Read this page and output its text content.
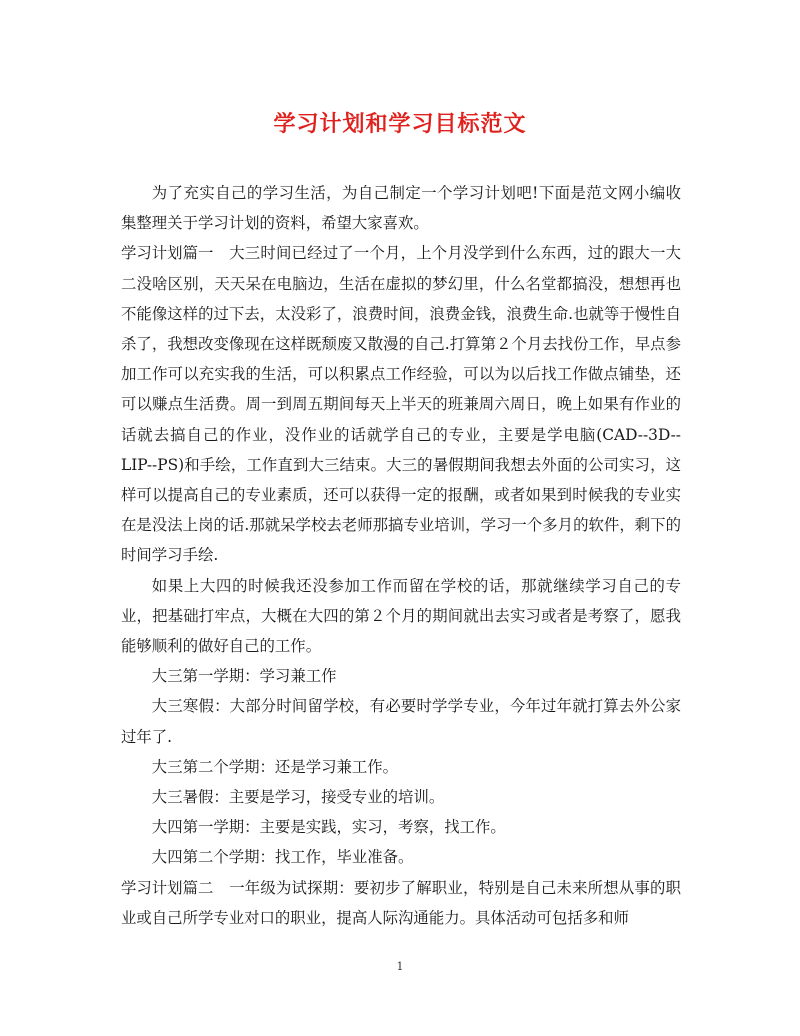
学习计划和学习目标范文

为了充实自己的学习生活，为自己制定一个学习计划吧!下面是范文网小编收集整理关于学习计划的资料，希望大家喜欢。

学习计划篇一 大三时间已经过了一个月，上个月没学到什么东西，过的跟大一大二没啥区别，天天呆在电脑边，生活在虚拟的梦幻里，什么名堂都搞没，想想再也不能像这样的过下去，太没彩了，浪费时间，浪费金钱，浪费生命.也就等于慢性自杀了，我想改变像现在这样既颓废又散漫的自己.打算第２个月去找份工作，早点参加工作可以充实我的生活，可以积累点工作经验，可以为以后找工作做点铺垫，还可以赚点生活费。周一到周五期间每天上半天的班兼周六周日，晚上如果有作业的话就去搞自己的作业，没作业的话就学自己的专业，主要是学电脑(CAD--3D--LIP--PS)和手绘，工作直到大三结束。大三的暑假期间我想去外面的公司实习，这样可以提高自己的专业素质，还可以获得一定的报酬，或者如果到时候我的专业实在是没法上岗的话.那就呆学校去老师那搞专业培训，学习一个多月的软件，剩下的时间学习手绘.

如果上大四的时候我还没参加工作而留在学校的话，那就继续学习自己的专业，把基础打牢点，大概在大四的第２个月的期间就出去实习或者是考察了，愿我能够顺利的做好自己的工作。

大三第一学期：学习兼工作

大三寒假：大部分时间留学校，有必要时学学专业，今年过年就打算去外公家过年了.

大三第二个学期：还是学习兼工作。

大三暑假：主要是学习，接受专业的培训。

大四第一学期：主要是实践，实习，考察，找工作。

大四第二个学期：找工作，毕业准备。

学习计划篇二 一年级为试探期：要初步了解职业，特别是自己未来所想从事的职业或自己所学专业对口的职业，提高人际沟通能力。具体活动可包括多和师

1
